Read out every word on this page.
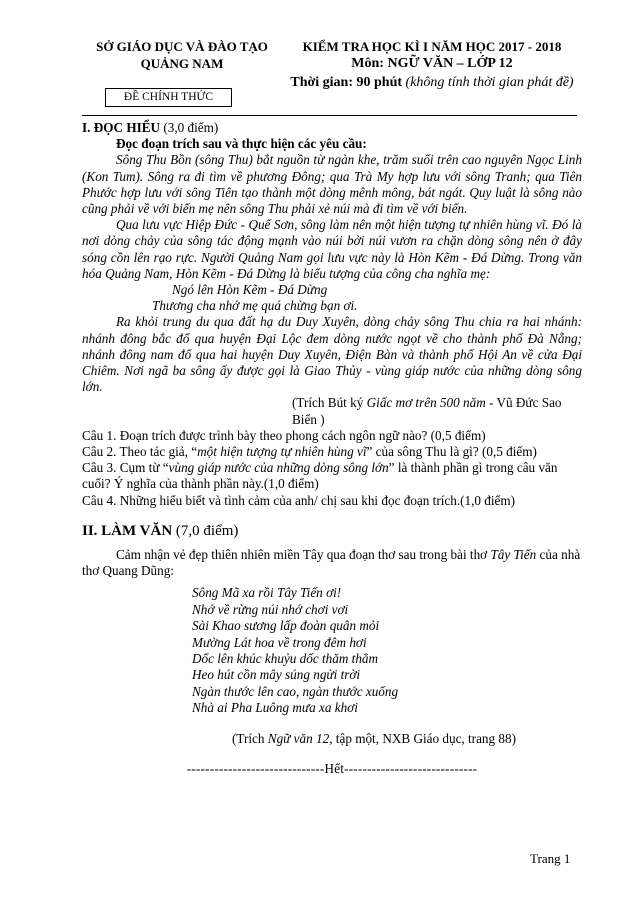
SỞ GIÁO DỤC VÀ ĐÀO TẠO
QUẢNG NAM
KIỂM TRA HỌC KÌ I NĂM HỌC 2017 - 2018
Môn: NGỮ VĂN – LỚP 12
Thời gian: 90 phút (không tính thời gian phát đề)
ĐỀ CHÍNH THỨC
I. ĐỌC HIỂU (3,0 điểm)
Đọc đoạn trích sau và thực hiện các yêu cầu:

Sông Thu Bồn (sông Thu) bắt nguồn từ ngàn khe, trăm suối trên cao nguyên Ngọc Linh (Kon Tum). Sông ra đi tìm về phương Đông; qua Trà My hợp lưu với sông Tranh; qua Tiên Phước hợp lưu với sông Tiên tạo thành một dòng mênh mông, bát ngát. Quy luật là sông nào cũng phải về với biển mẹ nên sông Thu phải xẻ núi mà đi tìm về với biển.

Qua lưu vực Hiệp Đức - Quế Sơn, sông làm nên một hiện tượng tự nhiên hùng vĩ. Đó là nơi dòng chảy của sông tác động mạnh vào núi bởi núi vươn ra chặn dòng sông nên ở đây sóng cồn lên rạo rực. Người Quảng Nam gọi lưu vực này là Hòn Kẽm - Đá Dừng. Trong văn hóa Quảng Nam, Hòn Kẽm - Đá Dừng là biểu tượng của công cha nghĩa mẹ:

Ngó lên Hòn Kẽm - Đá Dừng
Thương cha nhớ mẹ quá chừng bạn ơi.

Ra khỏi trung du qua đất hạ du Duy Xuyên, dòng chảy sông Thu chia ra hai nhánh: nhánh đông bắc đổ qua huyện Đại Lộc đem dòng nước ngọt về cho thành phố Đà Nẵng; nhánh đông nam đổ qua hai huyện Duy Xuyên, Điện Bàn và thành phố Hội An về cửa Đại Chiêm. Nơi ngã ba sông ấy được gọi là Giao Thủy - vùng giáp nước của những dòng sông lớn.

(Trích Bút ký Giấc mơ trên 500 năm - Vũ Đức Sao Biển )

Câu 1. Đoạn trích được trình bày theo phong cách ngôn ngữ nào? (0,5 điểm)

Câu 2. Theo tác giả, “một hiện tượng tự nhiên hùng vĩ” của sông Thu là gì? (0,5 điểm)

Câu 3. Cụm từ “vùng giáp nước của những dòng sông lớn” là thành phần gì trong câu văn cuối? Ý nghĩa của thành phần này.(1,0 điểm)

Câu 4. Những hiểu biết và tình cảm của anh/ chị sau khi đọc đoạn trích.(1,0 điểm)

II. LÀM VĂN (7,0 điểm)
Cảm nhận vẻ đẹp thiên nhiên miền Tây qua đoạn thơ sau trong bài thơ Tây Tiến của nhà thơ Quang Dũng:
Sông Mã xa rồi Tây Tiến ơi!
Nhớ về rừng núi nhớ chơi vơi
Sài Khao sương lấp đoàn quân mỏi
Mường Lát hoa về trong đêm hơi
Dốc lên khúc khuỷu dốc thăm thẳm
Heo hút cồn mây súng ngửi trời
Ngàn thước lên cao, ngàn thước xuống
Nhà ai Pha Luông mưa xa khơi
(Trích Ngữ văn 12, tập một, NXB Giáo dục, trang 88)
------------------------------Hết-----------------------------
Trang 1
